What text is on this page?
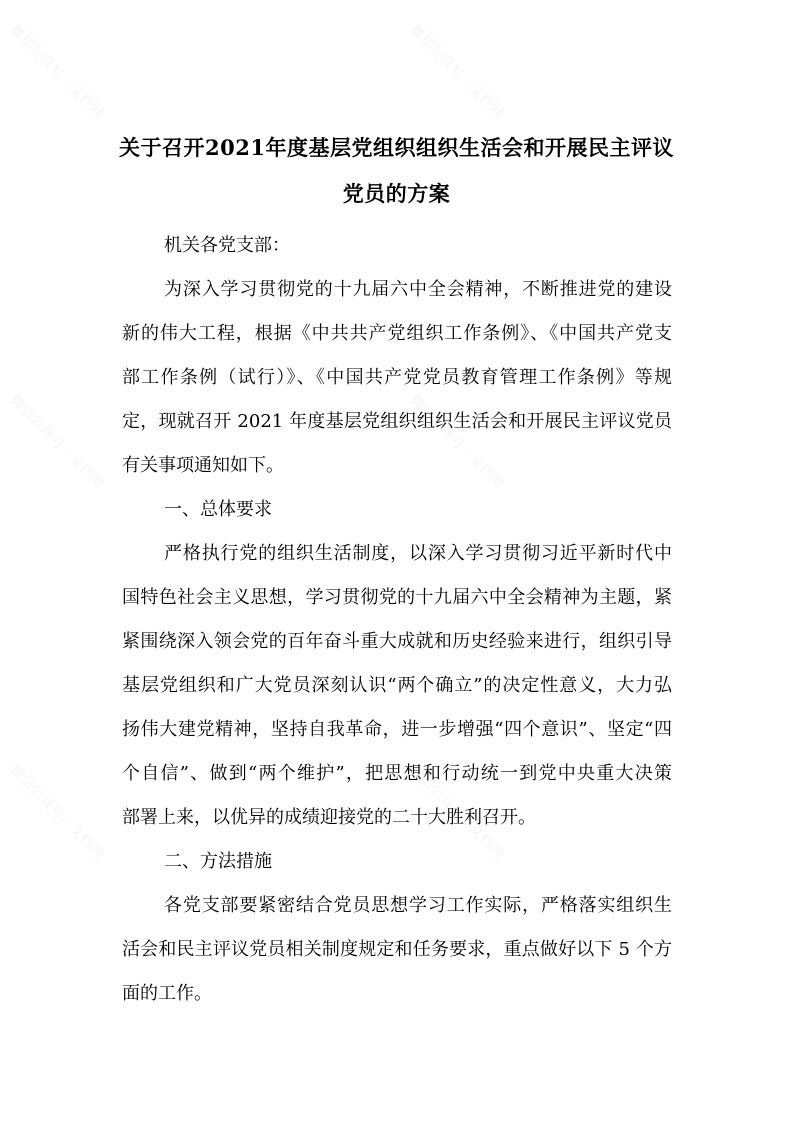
微信公众号 · 文档网	微信公众号 · 文档网
微信公众号 · 文档网	微信公众号 · 文档网
微信公众号 · 文档网	微信公众号 · 文档网
关于召开2021年度基层党组织组织生活会和开展民主评议
党员的方案
机关各党支部：
为深入学习贯彻党的十九届六中全会精神，不断推进党的建设
新的伟大工程，根据《中共共产党组织工作条例》、《中国共产党支
部工作条例（试行）》、《中国共产党党员教育管理工作条例》等规
定，现就召开 2021 年度基层党组织组织生活会和开展民主评议党员
有关事项通知如下。
一、总体要求
严格执行党的组织生活制度，以深入学习贯彻习近平新时代中
国特色社会主义思想，学习贯彻党的十九届六中全会精神为主题，紧
紧围绕深入领会党的百年奋斗重大成就和历史经验来进行，组织引导
基层党组织和广大党员深刻认识“两个确立”的决定性意义，大力弘
扬伟大建党精神，坚持自我革命，进一步增强“四个意识”、坚定“四
个自信”、做到“两个维护”，把思想和行动统一到党中央重大决策
部署上来，以优异的成绩迎接党的二十大胜利召开。
二、方法措施
各党支部要紧密结合党员思想学习工作实际，严格落实组织生
活会和民主评议党员相关制度规定和任务要求，重点做好以下 5 个方
面的工作。
